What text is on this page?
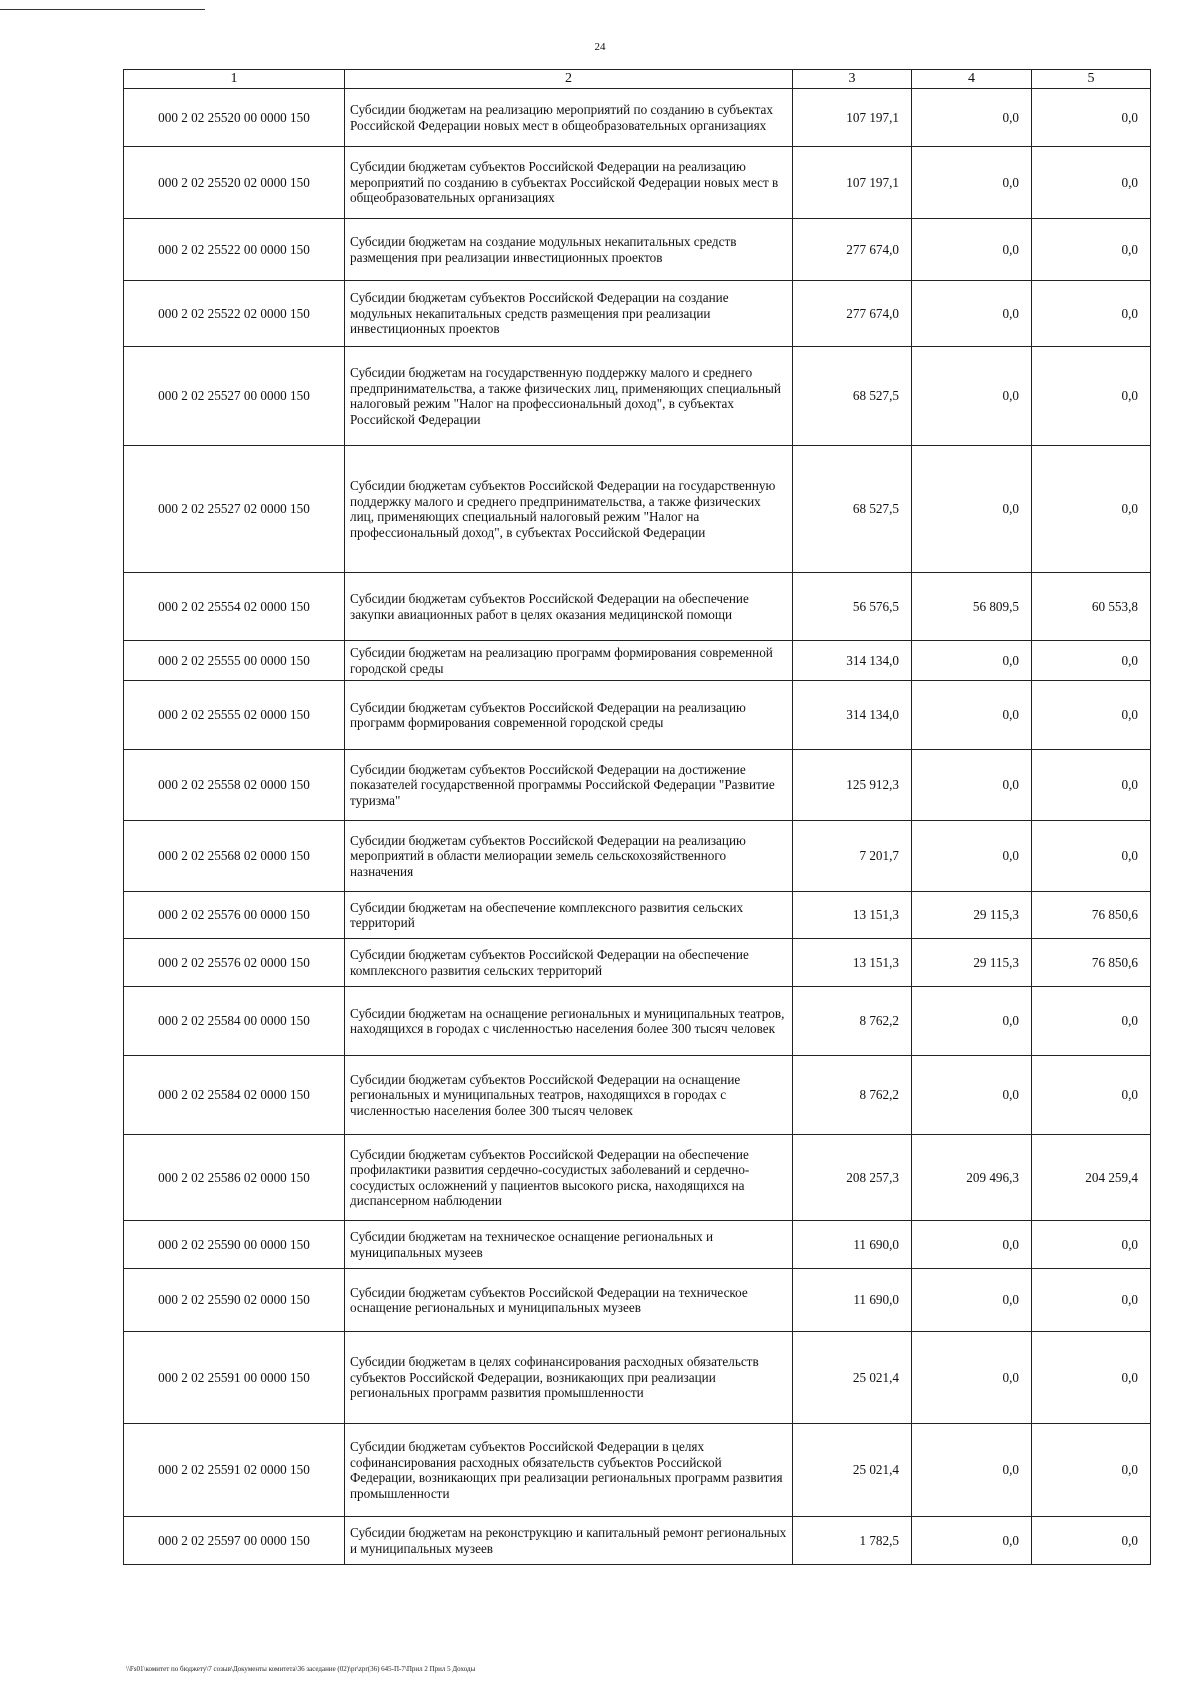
24
1	2	3	4	5
000 2 02 25520 00 0000 150	Субсидии бюджетам на реализацию мероприятий по созданию в субъектах Российской Федерации новых мест в общеобразовательных организациях	107 197,1	0,0	0,0
000 2 02 25520 02 0000 150	Субсидии бюджетам субъектов Российской Федерации на реализацию мероприятий по созданию в субъектах Российской Федерации новых мест в общеобразовательных организациях	107 197,1	0,0	0,0
000 2 02 25522 00 0000 150	Субсидии бюджетам на создание модульных некапитальных средств размещения при реализации инвестиционных проектов	277 674,0	0,0	0,0
000 2 02 25522 02 0000 150	Субсидии бюджетам субъектов Российской Федерации на создание модульных некапитальных средств размещения при реализации инвестиционных проектов	277 674,0	0,0	0,0
000 2 02 25527 00 0000 150	Субсидии бюджетам на государственную поддержку малого и среднего предпринимательства, а также физических лиц, применяющих специальный налоговый режим "Налог на профессиональный доход", в субъектах Российской Федерации	68 527,5	0,0	0,0
000 2 02 25527 02 0000 150	Субсидии бюджетам субъектов Российской Федерации на государственную поддержку малого и среднего предпринимательства, а также физических лиц, применяющих специальный налоговый режим "Налог на профессиональный доход", в субъектах Российской Федерации	68 527,5	0,0	0,0
000 2 02 25554 02 0000 150	Субсидии бюджетам субъектов Российской Федерации на обеспечение закупки авиационных работ в целях оказания медицинской помощи	56 576,5	56 809,5	60 553,8
000 2 02 25555 00 0000 150	Субсидии бюджетам на реализацию программ формирования современной городской среды	314 134,0	0,0	0,0
000 2 02 25555 02 0000 150	Субсидии бюджетам субъектов Российской Федерации на реализацию программ формирования современной городской среды	314 134,0	0,0	0,0
000 2 02 25558 02 0000 150	Субсидии бюджетам субъектов Российской Федерации на достижение показателей государственной программы Российской Федерации "Развитие туризма"	125 912,3	0,0	0,0
000 2 02 25568 02 0000 150	Субсидии бюджетам субъектов Российской Федерации на реализацию мероприятий в области мелиорации земель сельскохозяйственного назначения	7 201,7	0,0	0,0
000 2 02 25576 00 0000 150	Субсидии бюджетам на обеспечение комплексного развития сельских территорий	13 151,3	29 115,3	76 850,6
000 2 02 25576 02 0000 150	Субсидии бюджетам субъектов Российской Федерации на обеспечение комплексного развития сельских территорий	13 151,3	29 115,3	76 850,6
000 2 02 25584 00 0000 150	Субсидии бюджетам на оснащение региональных и муниципальных театров, находящихся в городах с численностью населения более 300 тысяч человек	8 762,2	0,0	0,0
000 2 02 25584 02 0000 150	Субсидии бюджетам субъектов Российской Федерации на оснащение региональных и муниципальных театров, находящихся в городах с численностью населения более 300 тысяч человек	8 762,2	0,0	0,0
000 2 02 25586 02 0000 150	Субсидии бюджетам субъектов Российской Федерации на обеспечение профилактики развития сердечно-сосудистых заболеваний и сердечно-сосудистых осложнений у пациентов высокого риска, находящихся на диспансерном наблюдении	208 257,3	209 496,3	204 259,4
000 2 02 25590 00 0000 150	Субсидии бюджетам на техническое оснащение региональных и муниципальных музеев	11 690,0	0,0	0,0
000 2 02 25590 02 0000 150	Субсидии бюджетам субъектов Российской Федерации на техническое оснащение региональных и муниципальных музеев	11 690,0	0,0	0,0
000 2 02 25591 00 0000 150	Субсидии бюджетам в целях софинансирования расходных обязательств субъектов Российской Федерации, возникающих при реализации региональных программ развития промышленности	25 021,4	0,0	0,0
000 2 02 25591 02 0000 150	Субсидии бюджетам субъектов Российской Федерации в целях софинансирования расходных обязательств субъектов Российской Федерации, возникающих при реализации региональных программ развития промышленности	25 021,4	0,0	0,0
000 2 02 25597 00 0000 150	Субсидии бюджетам на реконструкцию и капитальный ремонт региональных и муниципальных музеев	1 782,5	0,0	0,0
\\Fs01\комитет по бюджету\7 созыв\Документы комитета\36 заседание (02)\pr\zpr(36) 645-П-7\Прил 2 Прил 5 Доходы
